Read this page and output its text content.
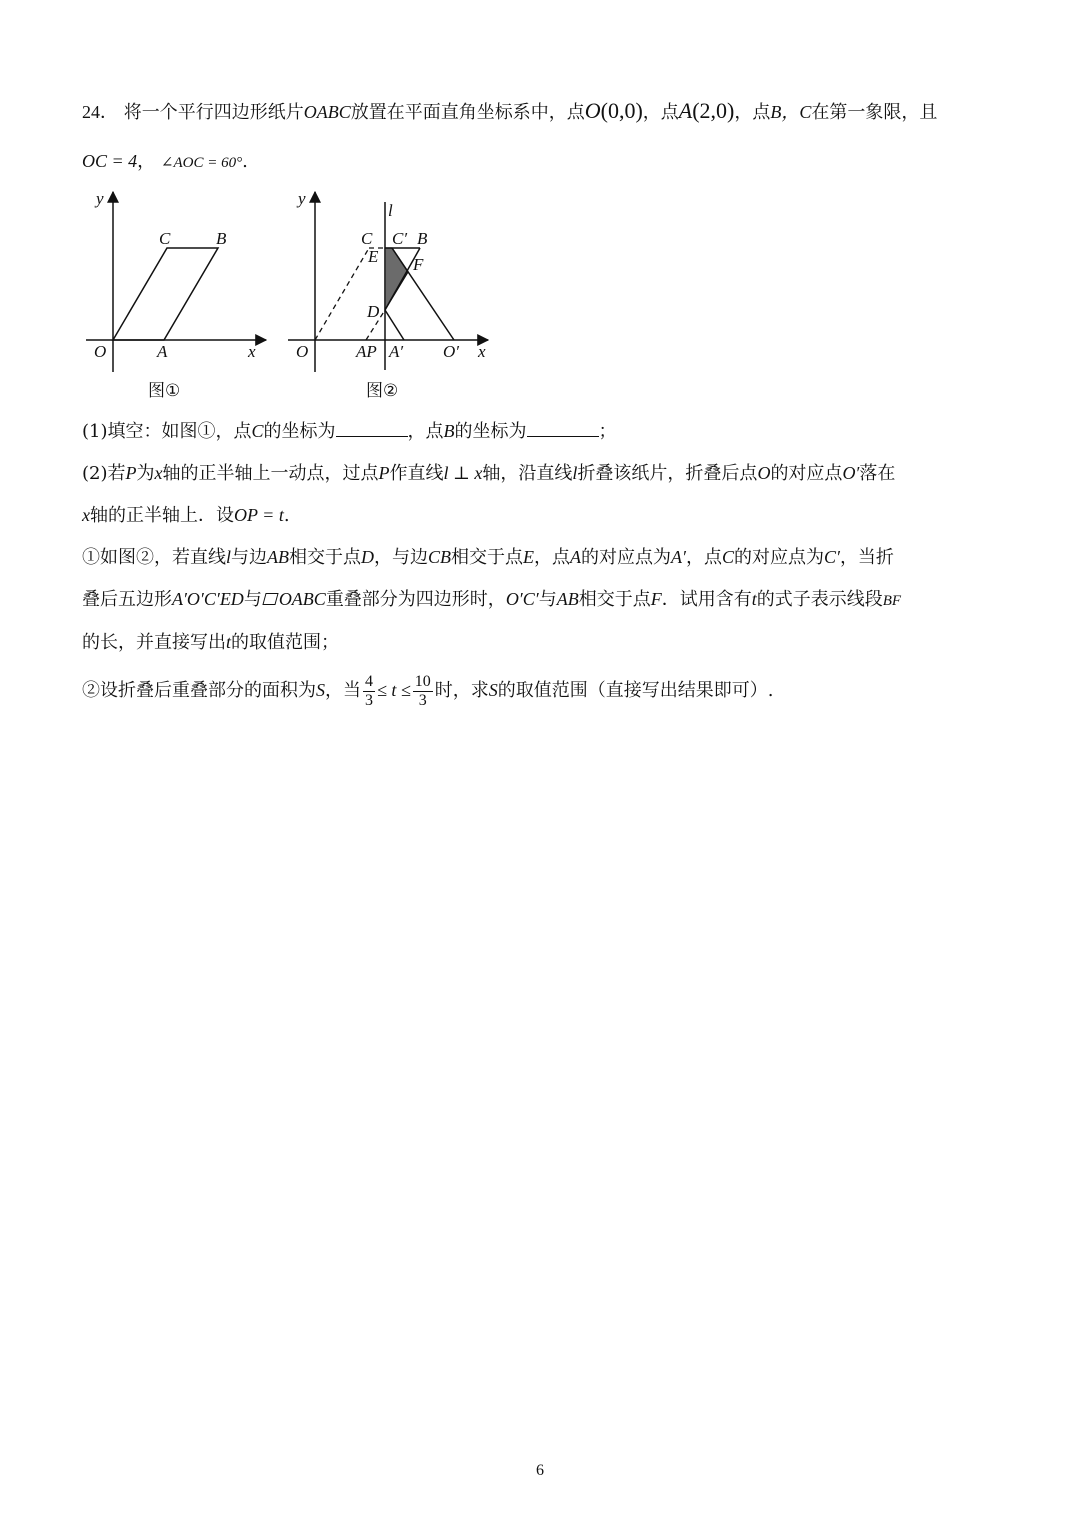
24． 将一个平行四边形纸片OABC放置在平面直角坐标系中，点O(0,0)，点A(2,0)，点B，C在第一象限，且
OC = 4， ∠AOC = 60°.
y
x
O	A
C	B
图①
y
l
C C′ B
E F
D
O	AP A′ O′ x
图②
(1)填空：如图①，点C的坐标为	，点B的坐标为	；
(2)若P为x轴的正半轴上一动点，过点P作直线l ⊥ x轴，沿直线l折叠该纸片，折叠后点O的对应点O′落在
x轴的正半轴上．设OP = t.
①如图②，若直线l与边AB相交于点D，与边CB相交于点E，点A的对应点为A′，点C的对应点为C′，当折
叠后五边形A′O′C′ED与 OABC重叠部分为四边形时，O′C′与AB相交于点F．试用含有t的式子表示线段BF
的长，并直接写出t的取值范围；
②设折叠后重叠部分的面积为S，当 $\frac{4}{3} \le t \le \frac{10}{3}$ 时，求S的取值范围（直接写出结果即可）.
6
